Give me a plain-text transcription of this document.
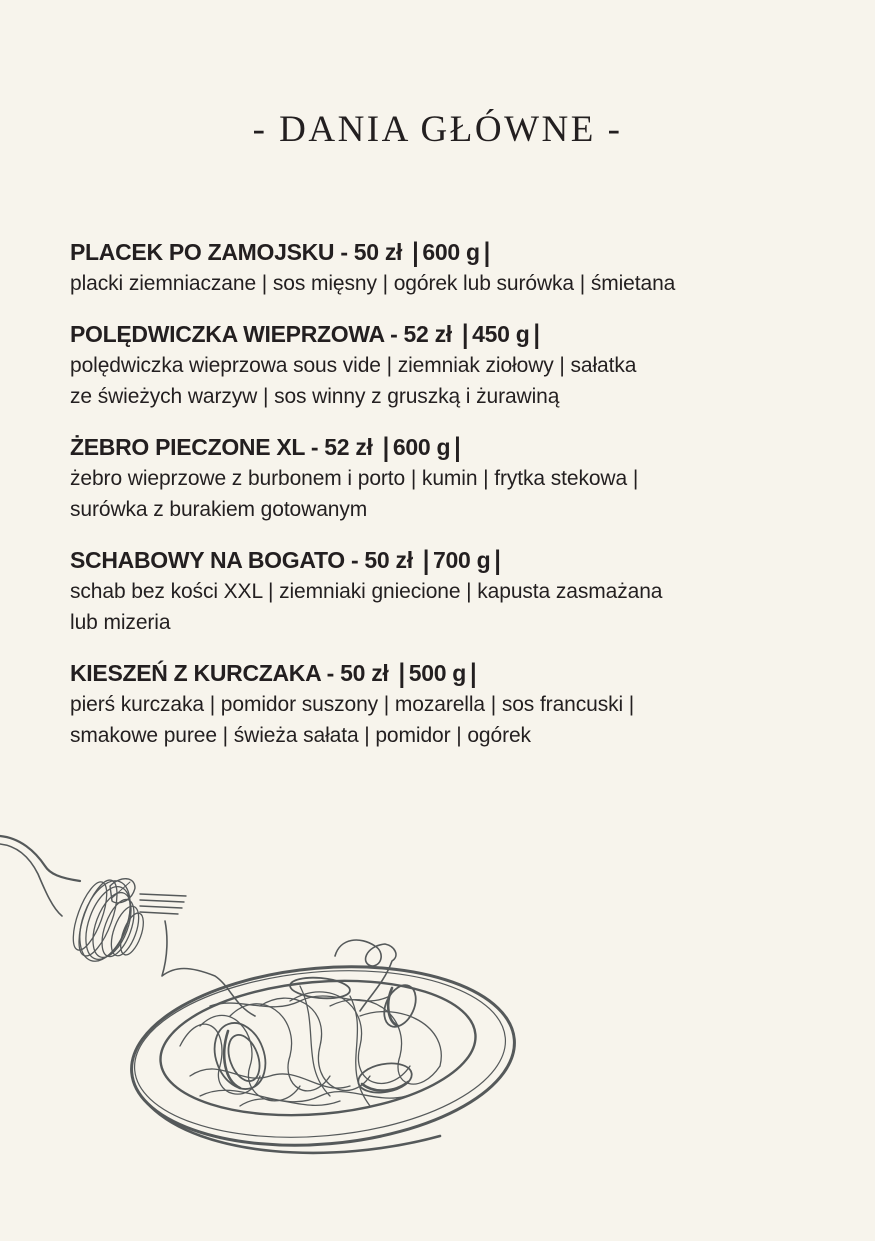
- DANIA GŁÓWNE -
PLACEK PO ZAMOJSKU - 50 zł | 600 g |
placki ziemniaczane | sos mięsny | ogórek lub surówka | śmietana
POLĘDWICZKA WIEPRZOWA - 52 zł | 450 g |
polędwiczka wieprzowa sous vide | ziemniak ziołowy | sałatka
ze świeżych warzyw | sos winny z gruszką i żurawiną
ŻEBRO PIECZONE XL - 52 zł | 600 g |
żebro wieprzowe z burbonem i porto | kumin | frytka stekowa |
surówka z burakiem gotowanym
SCHABOWY NA BOGATO - 50 zł | 700 g |
schab bez kości XXL | ziemniaki gniecione | kapusta zasmażana
lub mizeria
KIESZEŃ Z KURCZAKA - 50 zł | 500 g |
pierś kurczaka | pomidor suszony | mozarella | sos francuski |
smakowe puree | świeża sałata | pomidor | ogórek
